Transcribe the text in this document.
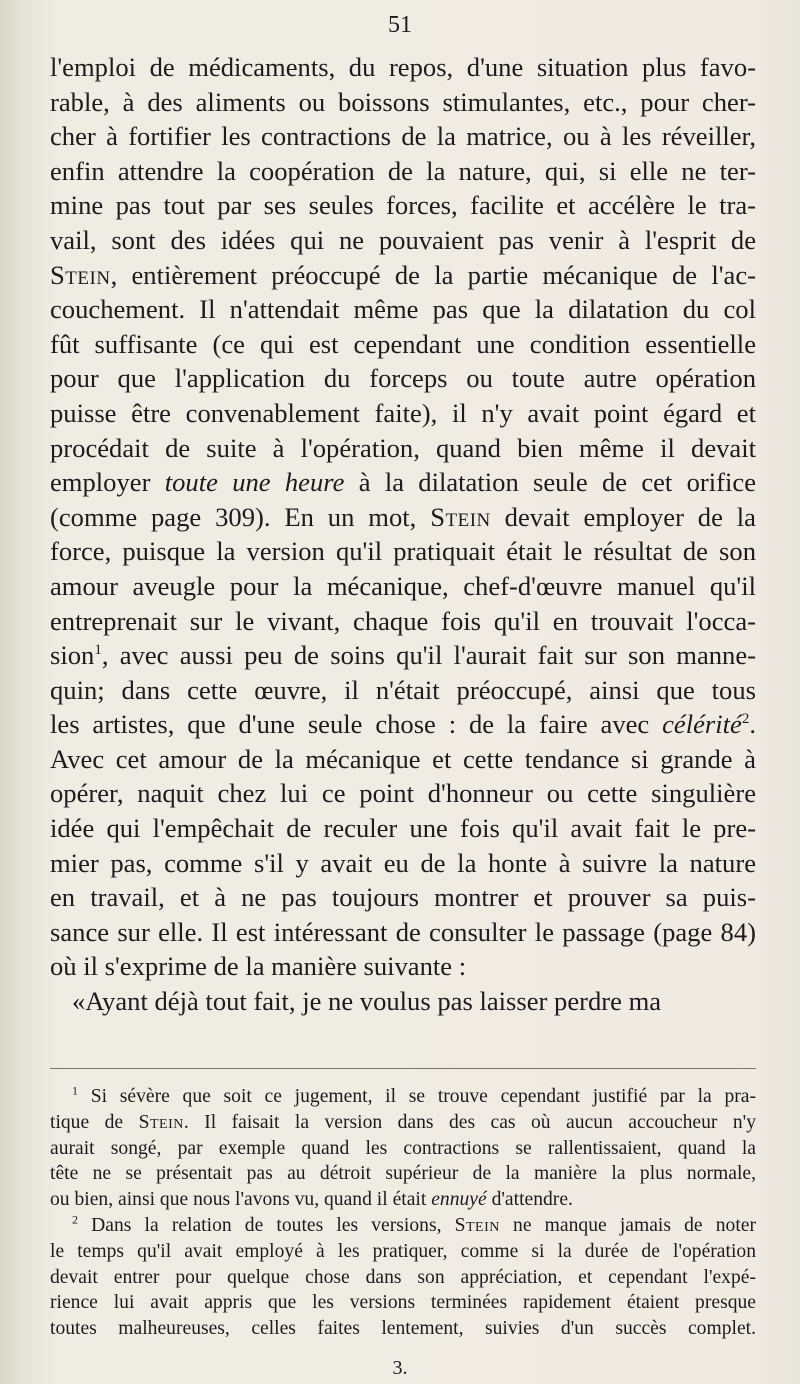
51
l'emploi de médicaments, du repos, d'une situation plus favo-
rable, à des aliments ou boissons stimulantes, etc., pour cher-
cher à fortifier les contractions de la matrice, ou à les réveiller,
enfin attendre la coopération de la nature, qui, si elle ne ter-
mine pas tout par ses seules forces, facilite et accélère le tra-
vail, sont des idées qui ne pouvaient pas venir à l'esprit de
Stein, entièrement préoccupé de la partie mécanique de l'ac-
couchement. Il n'attendait même pas que la dilatation du col
fût suffisante (ce qui est cependant une condition essentielle
pour que l'application du forceps ou toute autre opération
puisse être convenablement faite), il n'y avait point égard et
procédait de suite à l'opération, quand bien même il devait
employer toute une heure à la dilatation seule de cet orifice
(comme page 309). En un mot, Stein devait employer de la
force, puisque la version qu'il pratiquait était le résultat de son
amour aveugle pour la mécanique, chef-d'œuvre manuel qu'il
entreprenait sur le vivant, chaque fois qu'il en trouvait l'occa-
sion$^1$, avec aussi peu de soins qu'il l'aurait fait sur son manne-
quin; dans cette œuvre, il n'était préoccupé, ainsi que tous
les artistes, que d'une seule chose : de la faire avec célérité$^2$.
Avec cet amour de la mécanique et cette tendance si grande à
opérer, naquit chez lui ce point d'honneur ou cette singulière
idée qui l'empêchait de reculer une fois qu'il avait fait le pre-
mier pas, comme s'il y avait eu de la honte à suivre la nature
en travail, et à ne pas toujours montrer et prouver sa puis-
sance sur elle. Il est intéressant de consulter le passage (page 84)
où il s'exprime de la manière suivante :
«Ayant déjà tout fait, je ne voulus pas laisser perdre ma
$^1$ Si sévère que soit ce jugement, il se trouve cependant justifié par la pra-
tique de Stein. Il faisait la version dans des cas où aucun accoucheur n'y
aurait songé, par exemple quand les contractions se rallentissaient, quand la
tête ne se présentait pas au détroit supérieur de la manière la plus normale,
ou bien, ainsi que nous l'avons vu, quand il était ennuyé d'attendre.
$^2$ Dans la relation de toutes les versions, Stein ne manque jamais de noter
le temps qu'il avait employé à les pratiquer, comme si la durée de l'opération
devait entrer pour quelque chose dans son appréciation, et cependant l'expé-
rience lui avait appris que les versions terminées rapidement étaient presque
toutes malheureuses, celles faites lentement, suivies d'un succès complet.
3.
